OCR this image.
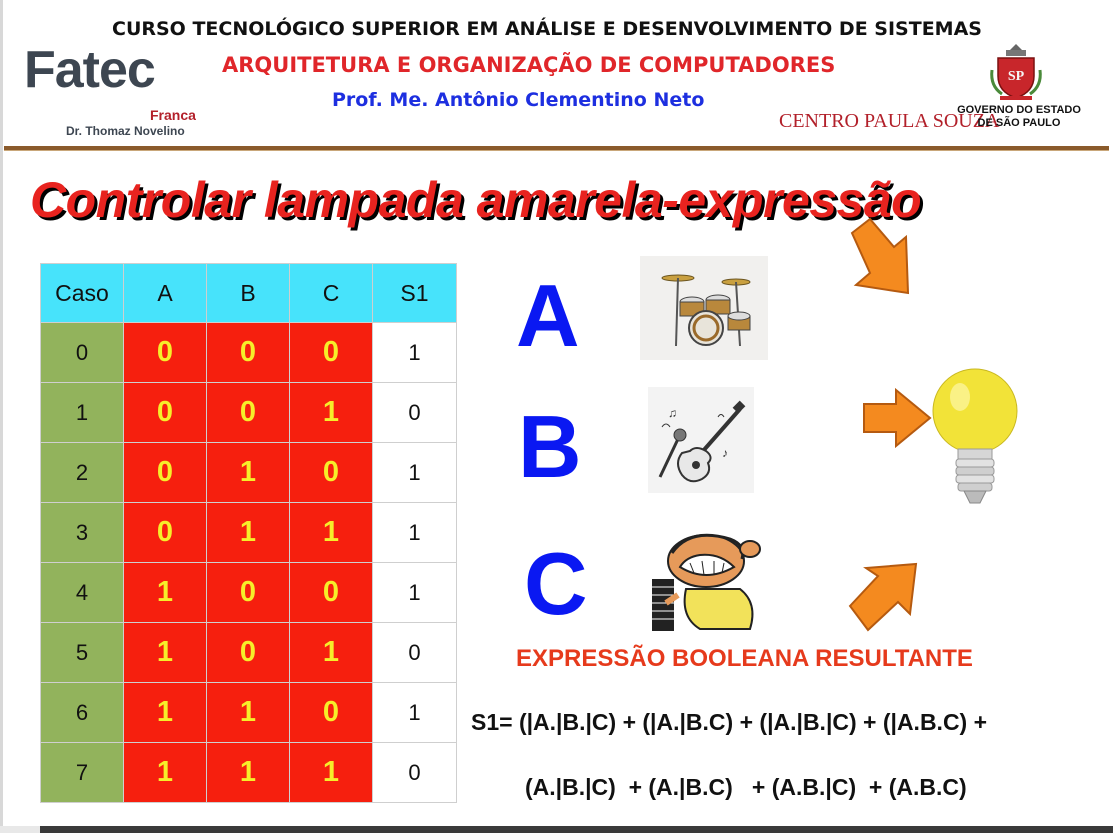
Fatec
Franca
Dr. Thomaz Novelino
CURSO TECNOLÓGICO SUPERIOR EM ANÁLISE E DESENVOLVIMENTO DE SISTEMAS
ARQUITETURA E ORGANIZAÇÃO DE COMPUTADORES
Prof. Me. Antônio Clementino Neto
CENTRO PAULA SOUZA
SP
GOVERNO DO ESTADO
DE SÃO PAULO
Controlar lampada amarela-expressão
Caso	A	B	C	S1
0	0	0	0	1
1	0	0	1	0
2	0	1	0	1
3	0	1	1	1
4	1	0	0	1
5	1	0	1	0
6	1	1	0	1
7	1	1	1	0
A
B
C
♪
♫
EXPRESSÃO BOOLEANA RESULTANTE
S1= (|A.|B.|C) + (|A.|B.C) + (|A.|B.|C) + (|A.B.C) +
(A.|B.|C)  + (A.|B.C)   + (A.B.|C)  + (A.B.C)
